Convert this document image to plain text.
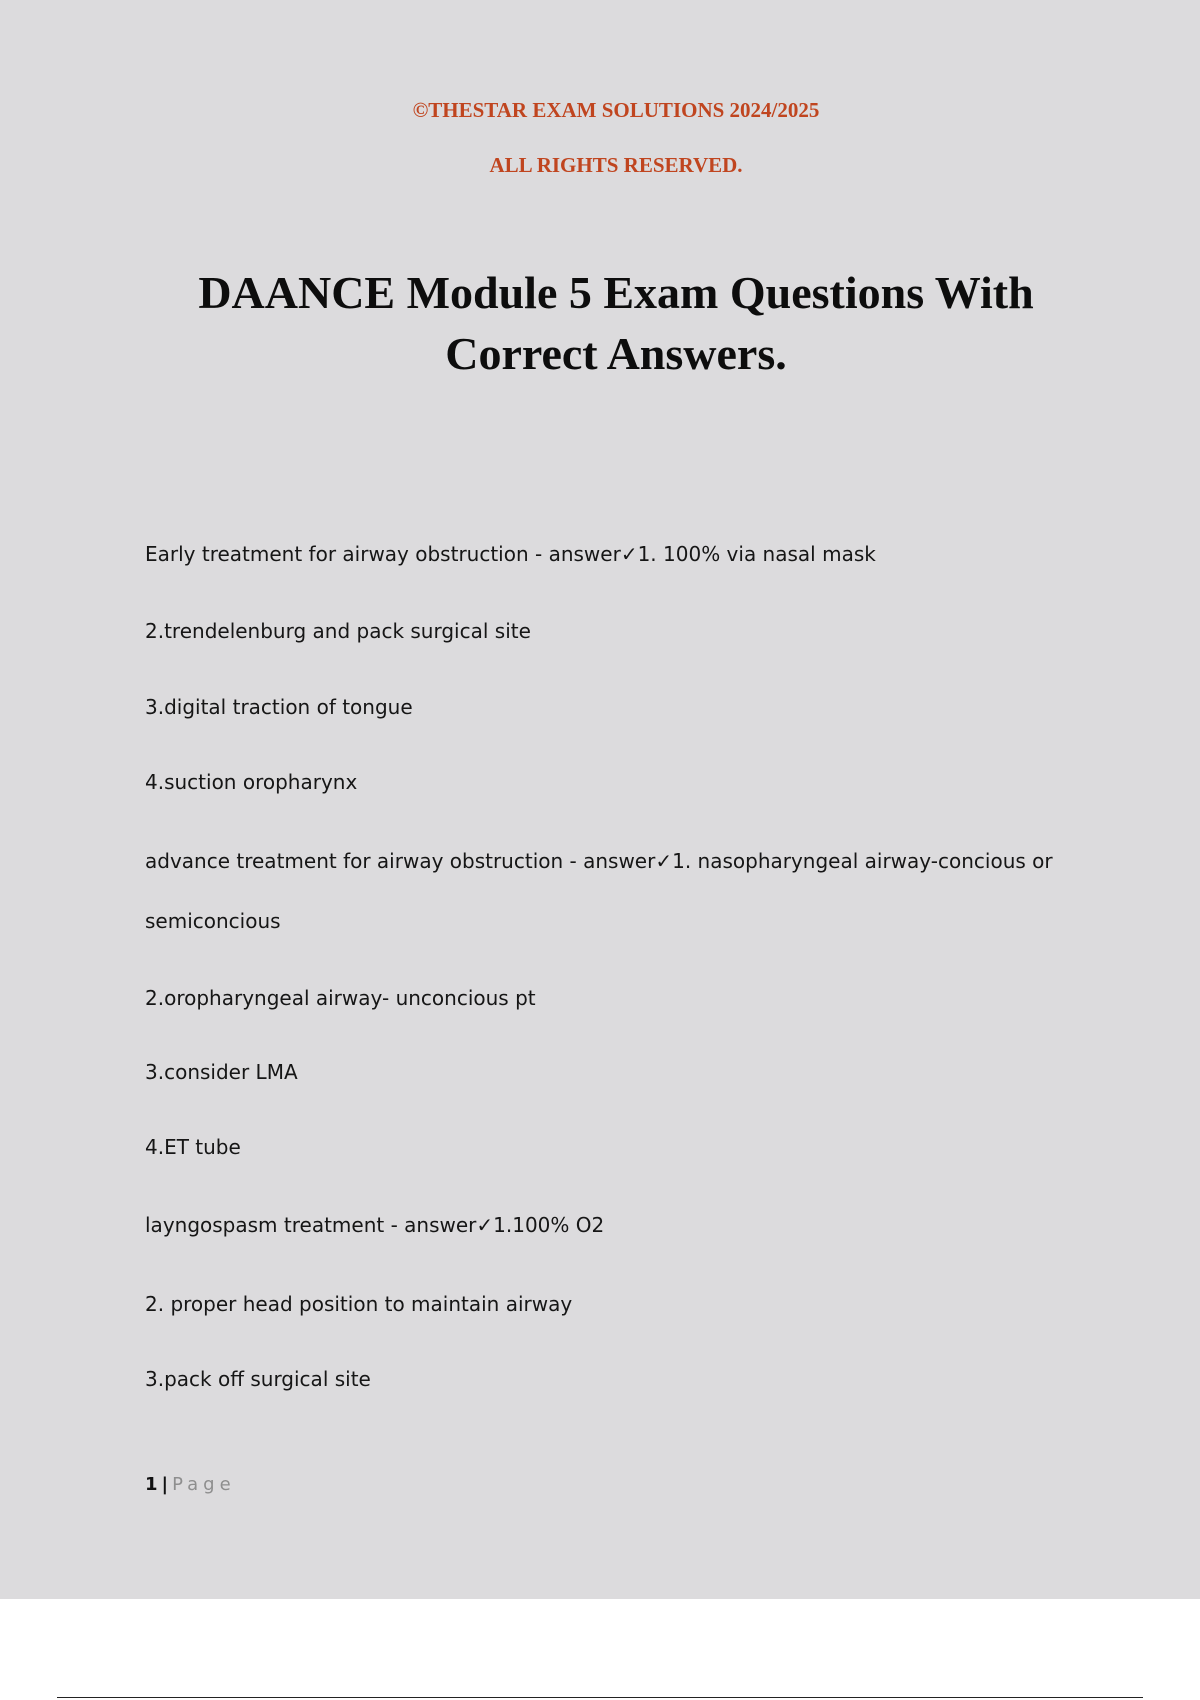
©THESTAR EXAM SOLUTIONS 2024/2025

ALL RIGHTS RESERVED.

DAANCE Module 5 Exam Questions With
Correct Answers.

Early treatment for airway obstruction - answer✓1. 100% via nasal mask

2.trendelenburg and pack surgical site

3.digital traction of tongue

4.suction oropharynx

advance treatment for airway obstruction - answer✓1. nasopharyngeal airway-concious or

semiconcious

2.oropharyngeal airway- unconcious pt

3.consider LMA

4.ET tube

layngospasm treatment - answer✓1.100% O2

2. proper head position to maintain airway

3.pack off surgical site

1 | Page
